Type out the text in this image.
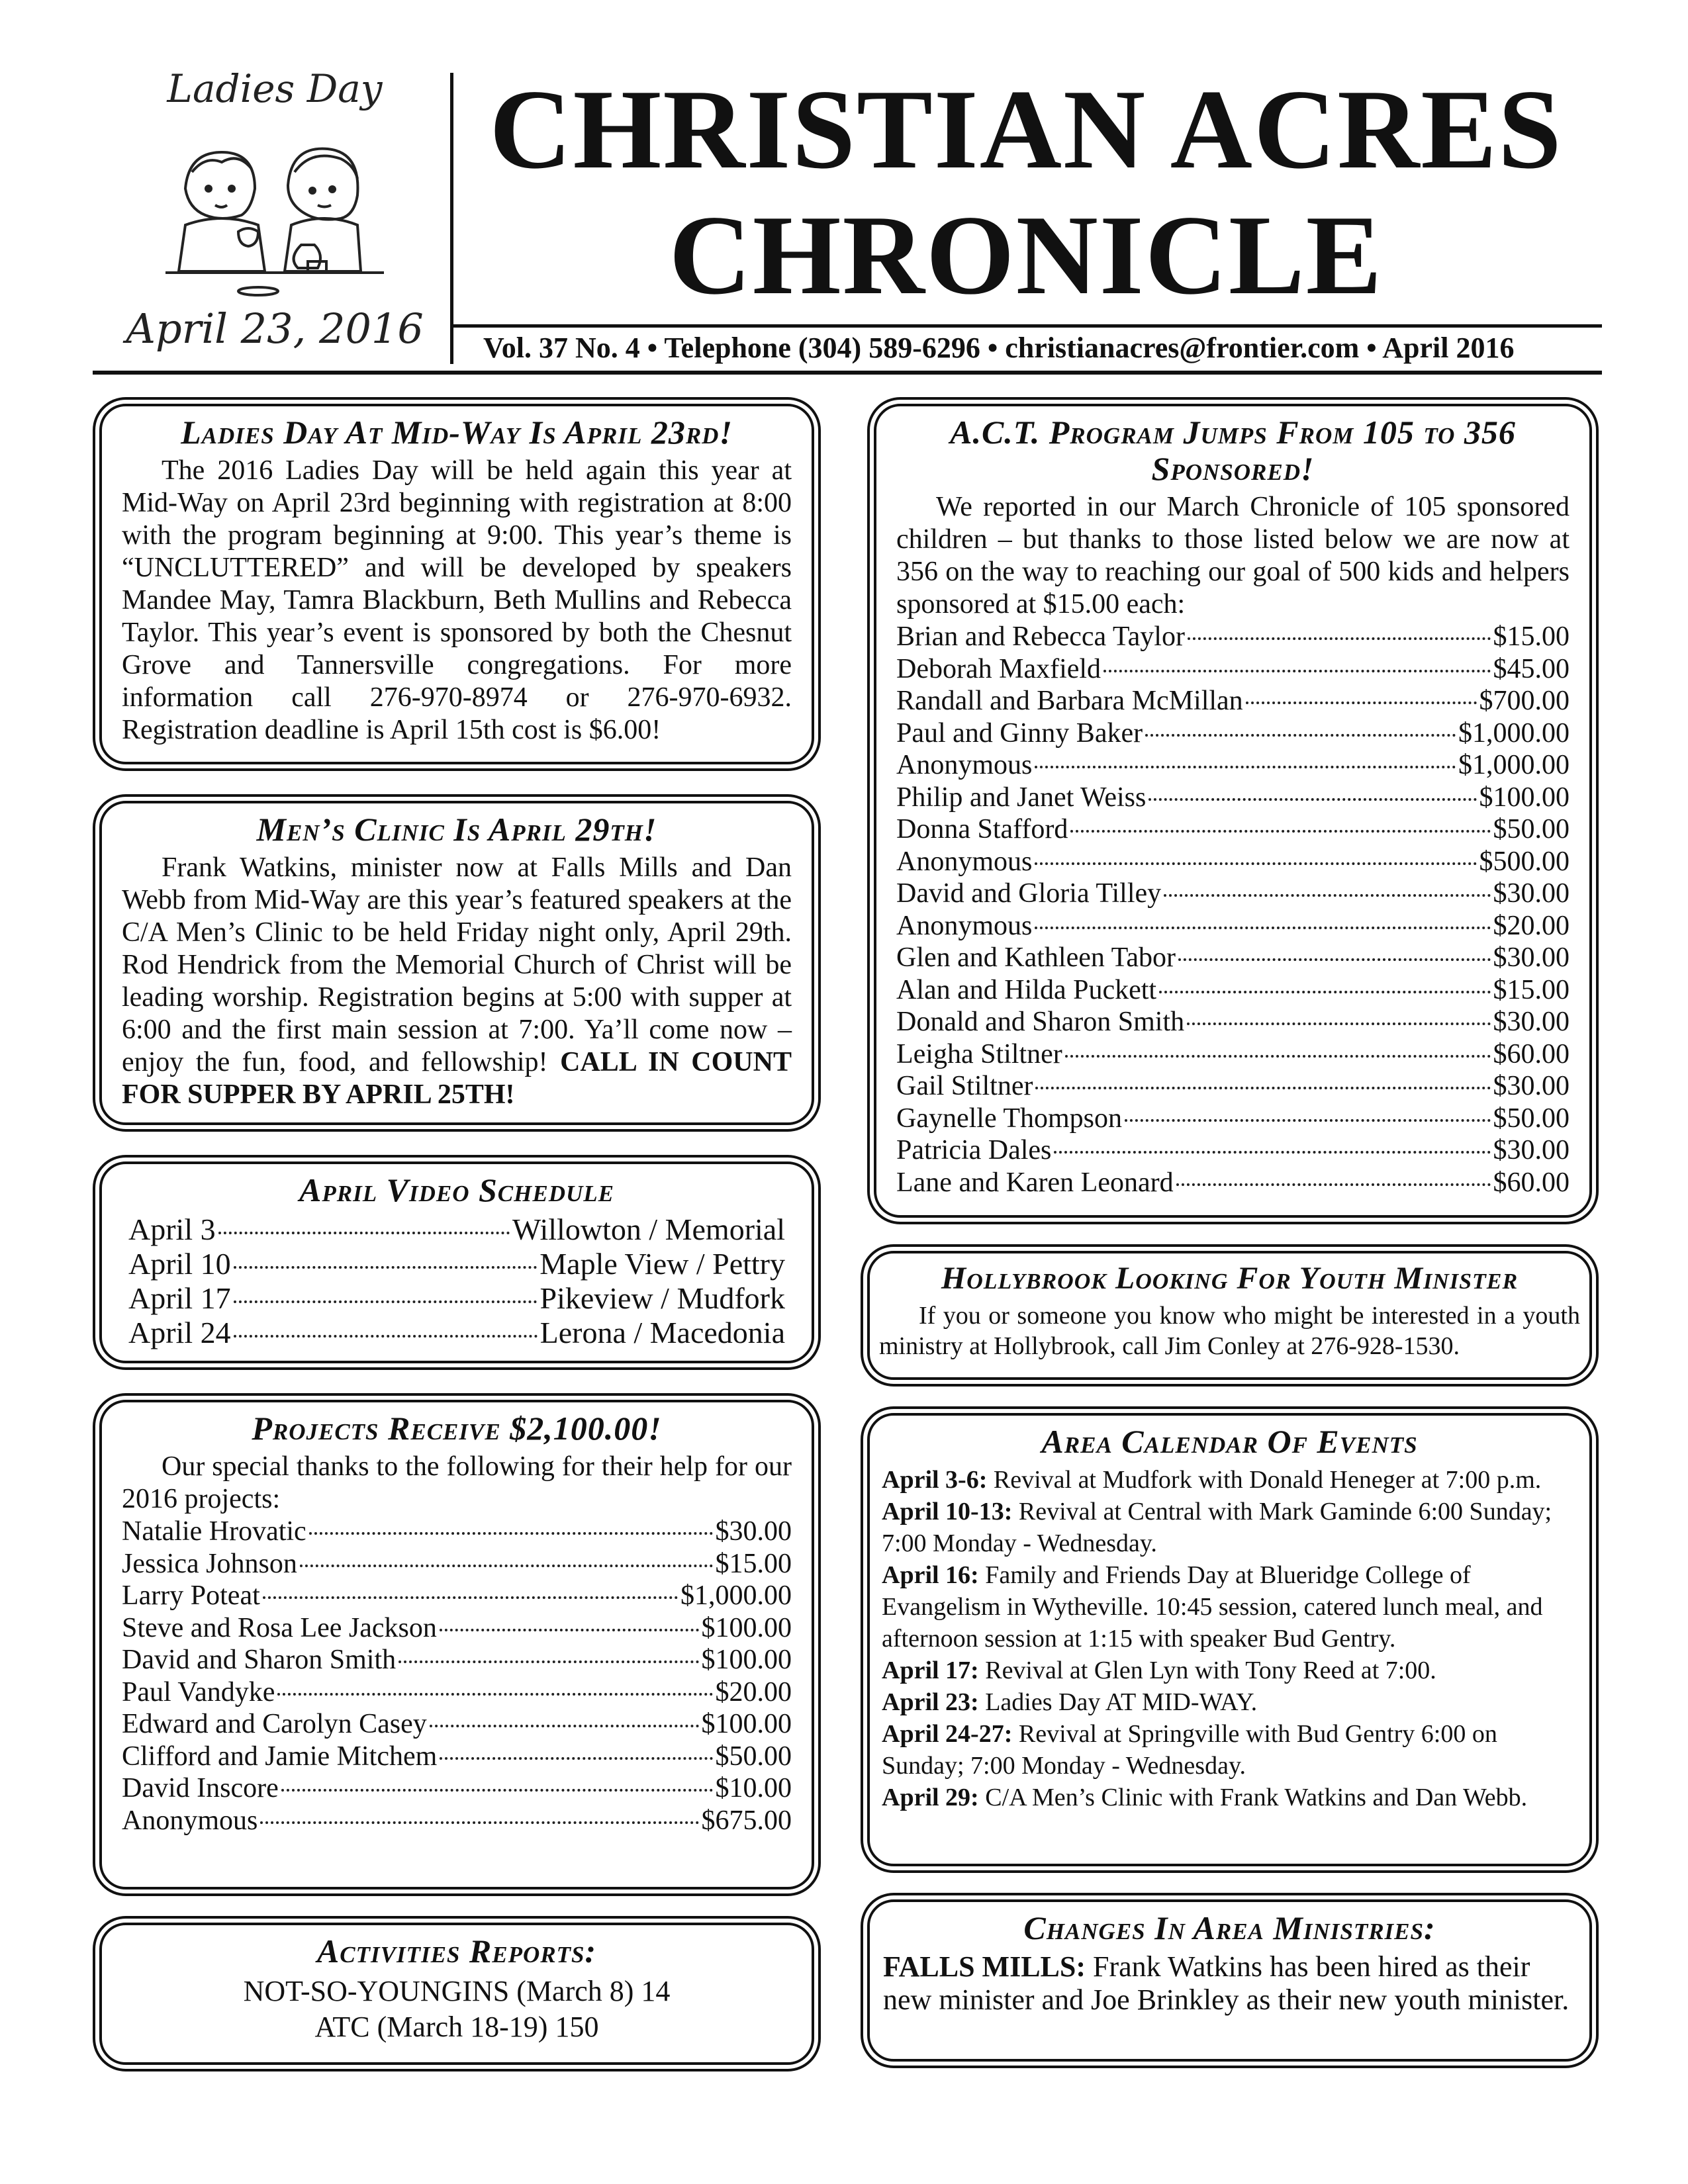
Ladies Day
April 23, 2016
CHRISTIAN ACRES
CHRONICLE
Vol. 37 No. 4 • Telephone (304) 589-6296 • christianacres@frontier.com • April 2016
Ladies Day At Mid-Way Is April 23rd!

The 2016 Ladies Day will be held again this year at Mid-Way on April 23rd beginning with registration at 8:00 with the program beginning at 9:00. This year’s theme is “UNCLUTTERED” and will be developed by speakers Mandee May, Tamra Blackburn, Beth Mullins and Rebecca Taylor. This year’s event is sponsored by both the Chesnut Grove and Tannersville congregations. For more information call 276-970-8974 or 276-970-6932. Registration deadline is April 15th cost is $6.00!

Men’s Clinic Is April 29th!

Frank Watkins, minister now at Falls Mills and Dan Webb from Mid-Way are this year’s featured speakers at the C/A Men’s Clinic to be held Friday night only, April 29th. Rod Hendrick from the Memorial Church of Christ will be leading worship. Registration begins at 5:00 with supper at 6:00 and the first main session at 7:00. Ya’ll come now – enjoy the fun, food, and fellowship! CALL IN COUNT FOR SUPPER BY APRIL 25TH!

April Video Schedule
April 3	Willowton / Memorial
April 10	Maple View / Pettry
April 17	Pikeview / Mudfork
April 24	Lerona / Macedonia
Projects Receive $2,100.00!

Our special thanks to the following for their help for our 2016 projects:

Natalie Hrovatic	$30.00
Jessica Johnson	$15.00
Larry Poteat	$1,000.00
Steve and Rosa Lee Jackson	$100.00
David and Sharon Smith	$100.00
Paul Vandyke	$20.00
Edward and Carolyn Casey	$100.00
Clifford and Jamie Mitchem	$50.00
David Inscore	$10.00
Anonymous	$675.00
Activities Reports:
NOT-SO-YOUNGINS (March 8) 14
ATC (March 18-19) 150
A.C.T. Program Jumps From 105 to 356 Sponsored!

We reported in our March Chronicle of 105 sponsored children – but thanks to those listed below we are now at 356 on the way to reaching our goal of 500 kids and helpers sponsored at $15.00 each:

Brian and Rebecca Taylor	$15.00
Deborah Maxfield	$45.00
Randall and Barbara McMillan	$700.00
Paul and Ginny Baker	$1,000.00
Anonymous	$1,000.00
Philip and Janet Weiss	$100.00
Donna Stafford	$50.00
Anonymous	$500.00
David and Gloria Tilley	$30.00
Anonymous	$20.00
Glen and Kathleen Tabor	$30.00
Alan and Hilda Puckett	$15.00
Donald and Sharon Smith	$30.00
Leigha Stiltner	$60.00
Gail Stiltner	$30.00
Gaynelle Thompson	$50.00
Patricia Dales	$30.00
Lane and Karen Leonard	$60.00
Hollybrook Looking For Youth Minister

If you or someone you know who might be interested in a youth ministry at Hollybrook, call Jim Conley at 276-928-1530.

Area Calendar Of Events

April 3-6: Revival at Mudfork with Donald Heneger at 7:00 p.m.

April 10-13: Revival at Central with Mark Gaminde 6:00 Sunday; 7:00 Monday - Wednesday.

April 16: Family and Friends Day at Blueridge College of Evangelism in Wytheville. 10:45 session, catered lunch meal, and afternoon session at 1:15 with speaker Bud Gentry.

April 17: Revival at Glen Lyn with Tony Reed at 7:00.

April 23: Ladies Day AT MID-WAY.

April 24-27: Revival at Springville with Bud Gentry 6:00 on Sunday; 7:00 Monday - Wednesday.

April 29: C/A Men’s Clinic with Frank Watkins and Dan Webb.

Changes In Area Ministries:
FALLS MILLS: Frank Watkins has been hired as their new minister and Joe Brinkley as their new youth minister.
